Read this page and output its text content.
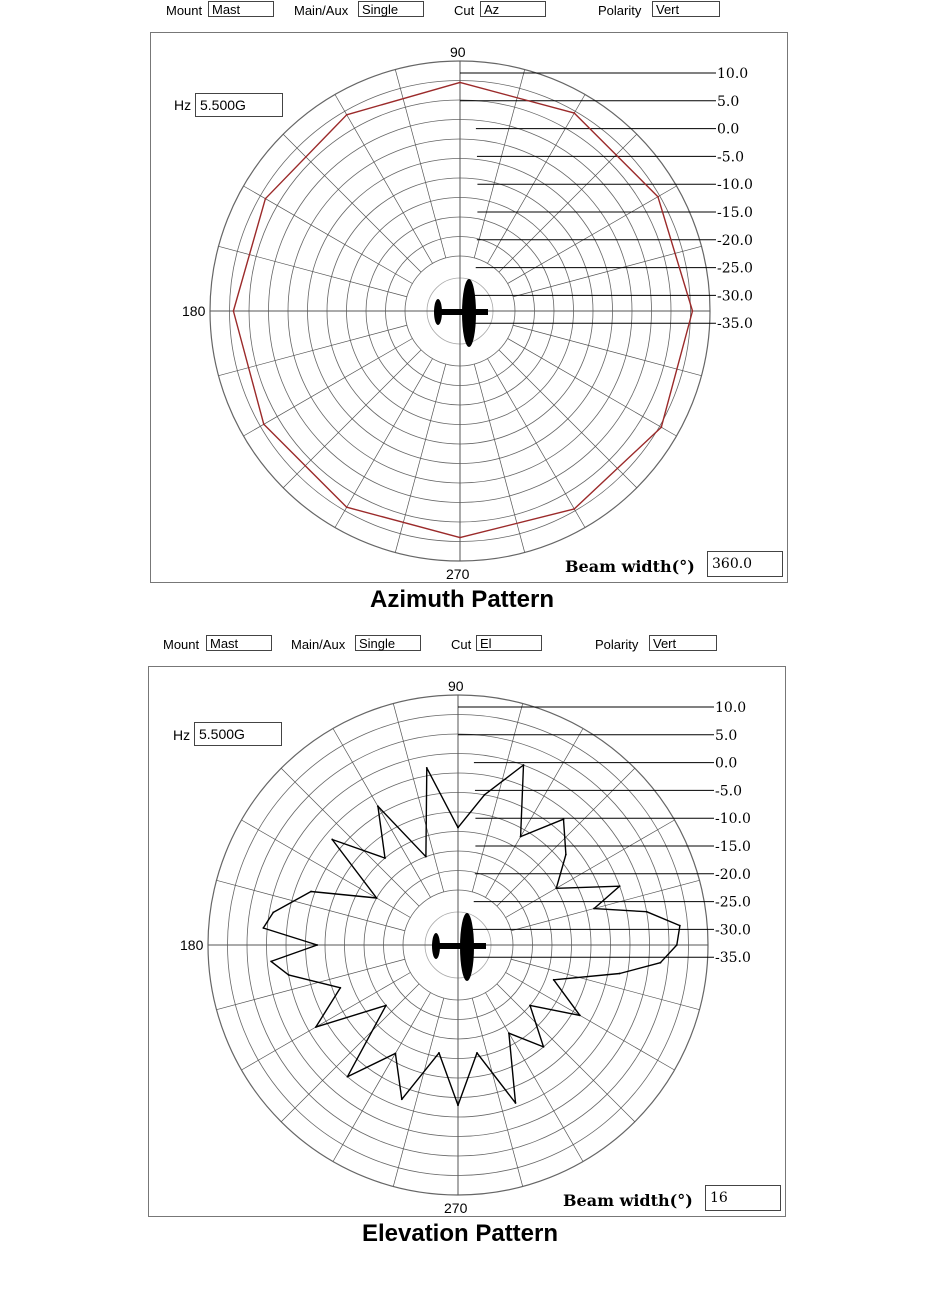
Mount Mast	Main/Aux	Single	Cut Az	Polarity	Vert
10.0
5.0
0.0
-5.0
-10.0
-15.0
-20.0
-25.0
-30.0
-35.0
90
180
270
Hz 5.500G
Beam width(°)	360.0
Azimuth Pattern
Mount Mast	Main/Aux	Single	Cut El	Polarity	Vert
10.0
5.0
0.0
-5.0
-10.0
-15.0
-20.0
-25.0
-30.0
-35.0
90
180
270
Hz 5.500G
Beam width(°)	16
Elevation Pattern
